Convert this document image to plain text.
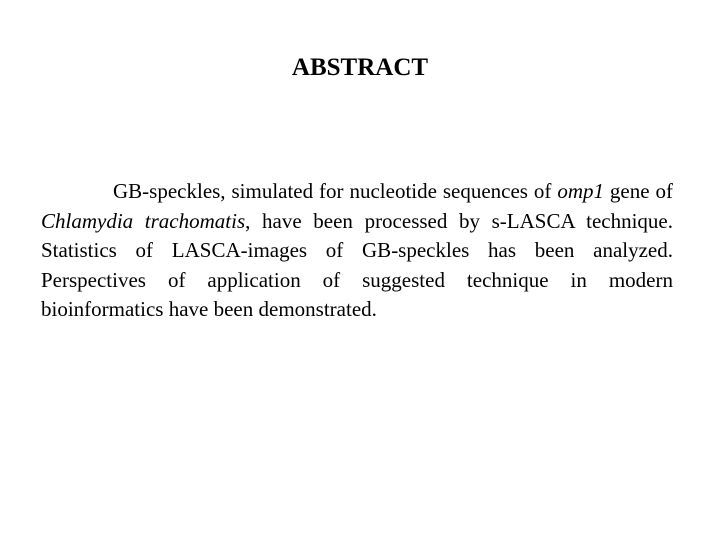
ABSTRACT

GB-speckles, simulated for nucleotide sequences of omp1 gene of Chlamydia trachomatis, have been processed by s-LASCA technique. Statistics of LASCA-images of GB-speckles has been analyzed. Perspectives of application of suggested technique in modern bioinformatics have been demonstrated.
